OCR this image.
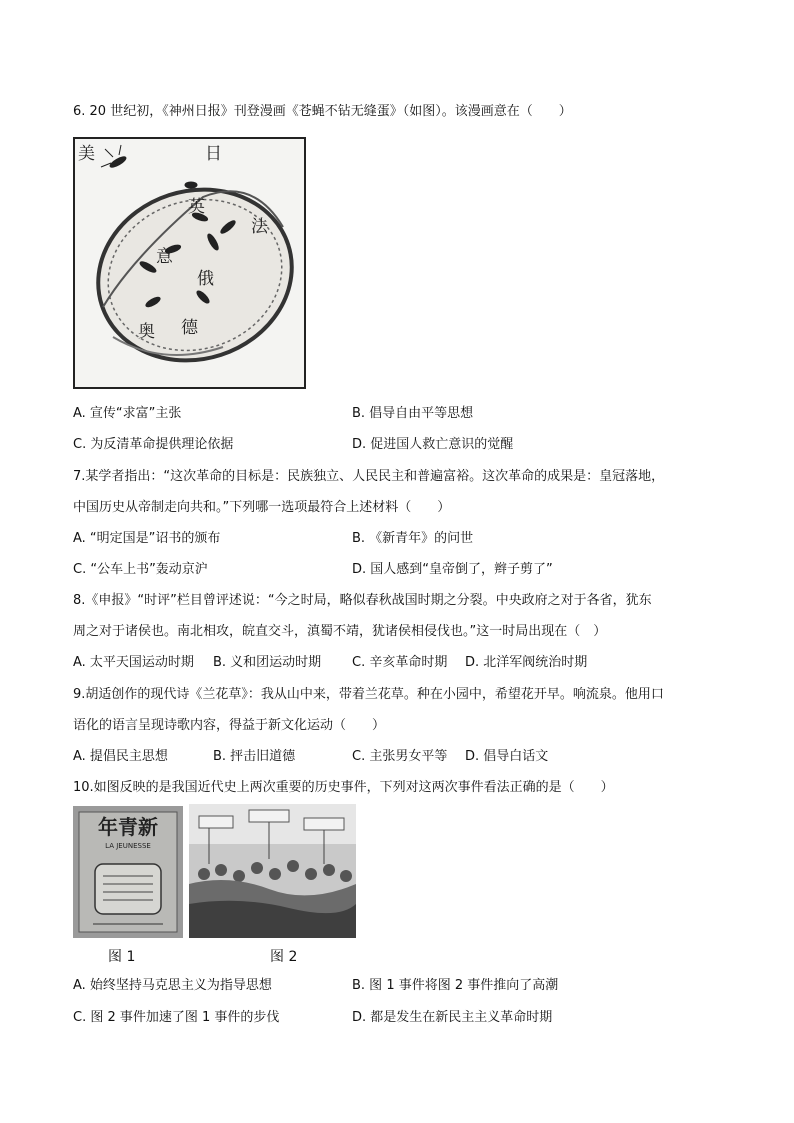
6. 20 世纪初，《神州日报》刊登漫画《苍蝇不钻无缝蛋》（如图）。该漫画意在（　　）
美	日
英
法
意
俄
德
奥
A. 宣传“求富”主张	B. 倡导自由平等思想
C. 为反清革命提供理论依据	D. 促进国人救亡意识的觉醒
7.某学者指出：“这次革命的目标是：民族独立、人民民主和普遍富裕。这次革命的成果是：皇冠落地，
中国历史从帝制走向共和。”下列哪一选项最符合上述材料（　　）
A. “明定国是”诏书的颁布	B. 《新青年》的问世
C. “公车上书”轰动京沪	D. 国人感到“皇帝倒了，辫子剪了”
8.《申报》“时评”栏目曾评述说：“今之时局，略似春秋战国时期之分裂。中央政府之对于各省，犹东
周之对于诸侯也。南北相攻，皖直交斗，滇蜀不靖，犹诸侯相侵伐也。”这一时局出现在（　）
A. 太平天国运动时期 B. 义和团运动时期 C. 辛亥革命时期 D. 北洋军阀统治时期
9.胡适创作的现代诗《兰花草》：我从山中来，带着兰花草。种在小园中，希望花开早。响流泉。他用口
语化的语言呈现诗歌内容，得益于新文化运动（　　）
A. 提倡民主思想	B. 抨击旧道德	C. 主张男女平等 D. 倡导白话文
10.如图反映的是我国近代史上两次重要的历史事件，下列对这两次事件看法正确的是（　　）
年青新
LA JEUNESSE
图 1	图 2
A. 始终坚持马克思主义为指导思想	B. 图 1 事件将图 2 事件推向了高潮
C. 图 2 事件加速了图 1 事件的步伐	D. 都是发生在新民主主义革命时期
